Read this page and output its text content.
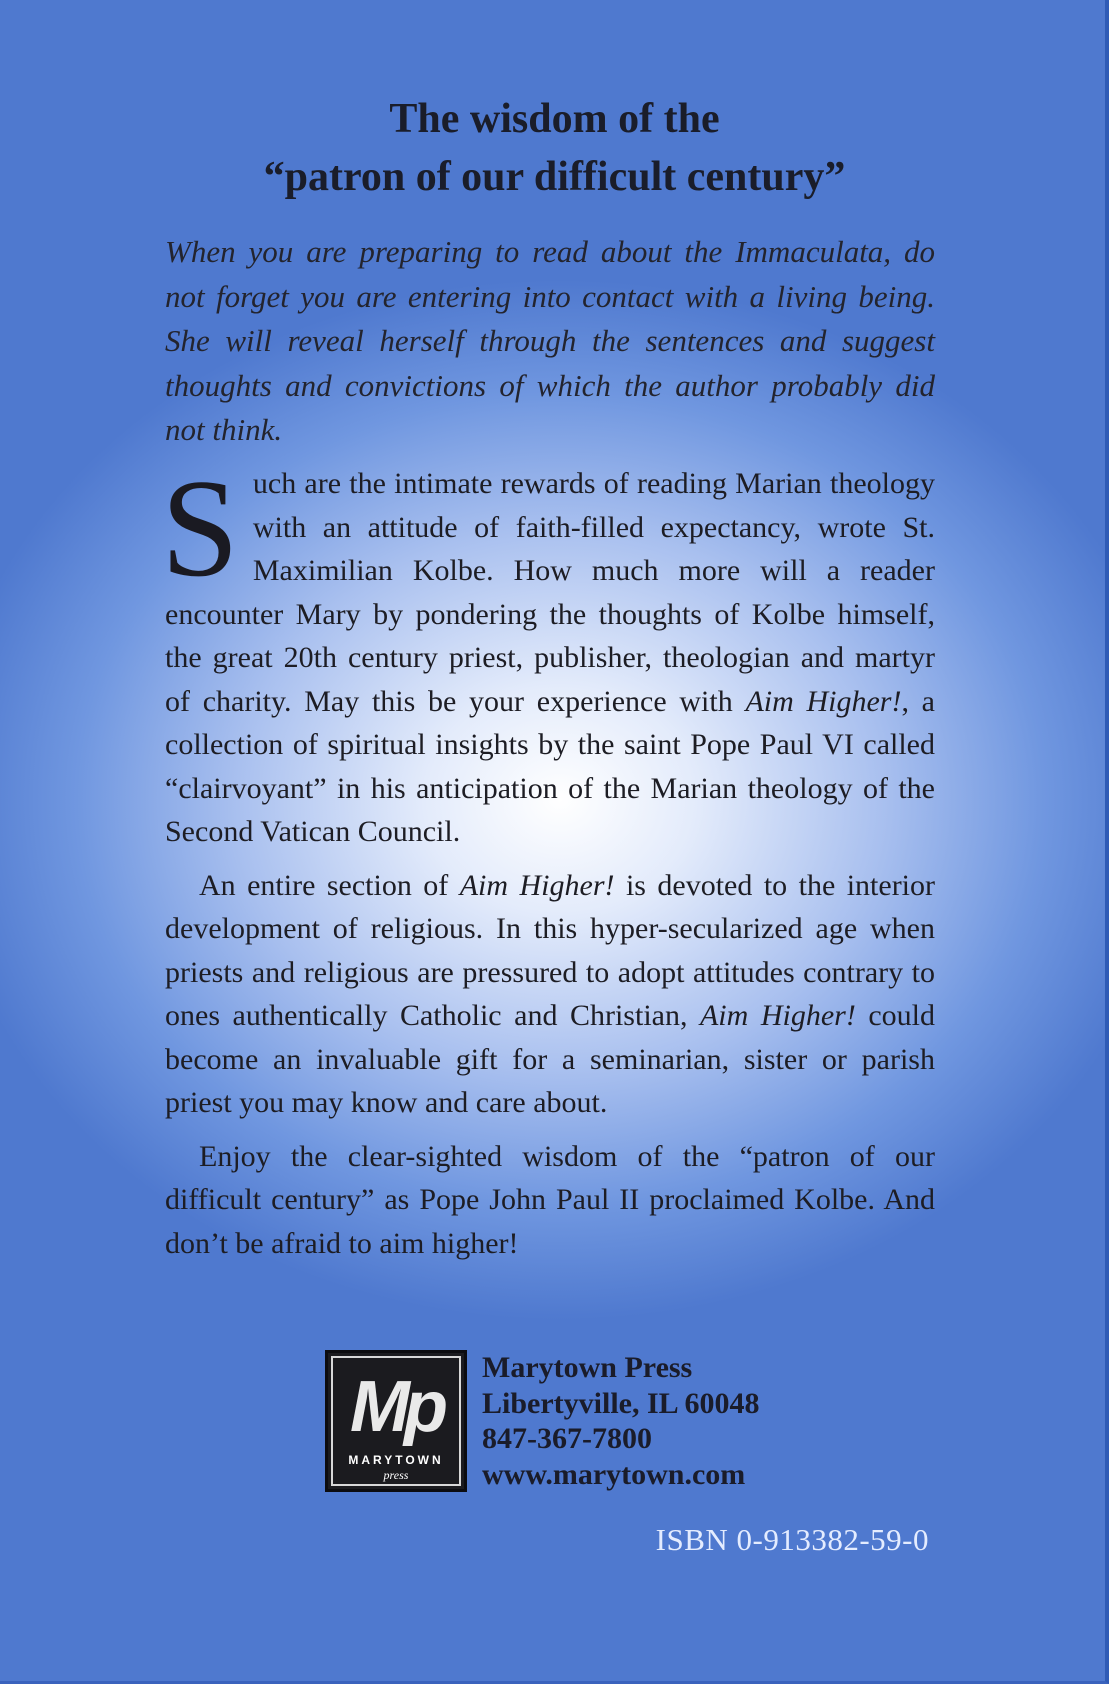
The wisdom of the
“patron of our difficult century”
When you are preparing to read about the Immaculata, do not forget you are entering into contact with a living being. She will reveal herself through the sentences and suggest thoughts and convictions of which the author probably did not think.

Such are the intimate rewards of reading Marian theology with an attitude of faith-filled expectancy, wrote St. Maximilian Kolbe. How much more will a reader encounter Mary by pondering the thoughts of Kolbe himself, the great 20th century priest, publisher, theologian and martyr of charity. May this be your experience with Aim Higher!, a collection of spiritual insights by the saint Pope Paul VI called “clairvoyant” in his anticipation of the Marian theology of the Second Vatican Council.

An entire section of Aim Higher! is devoted to the interior development of religious. In this hyper-secularized age when priests and religious are pressured to adopt attitudes contrary to ones authentically Catholic and Christian, Aim Higher! could become an invaluable gift for a seminarian, sister or parish priest you may know and care about.

Enjoy the clear-sighted wisdom of the “patron of our difficult century” as Pope John Paul II proclaimed Kolbe. And don’t be afraid to aim higher!

Mp
MARYTOWN
press
Marytown Press
Libertyville, IL 60048
847-367-7800
www.marytown.com
ISBN 0-913382-59-0
